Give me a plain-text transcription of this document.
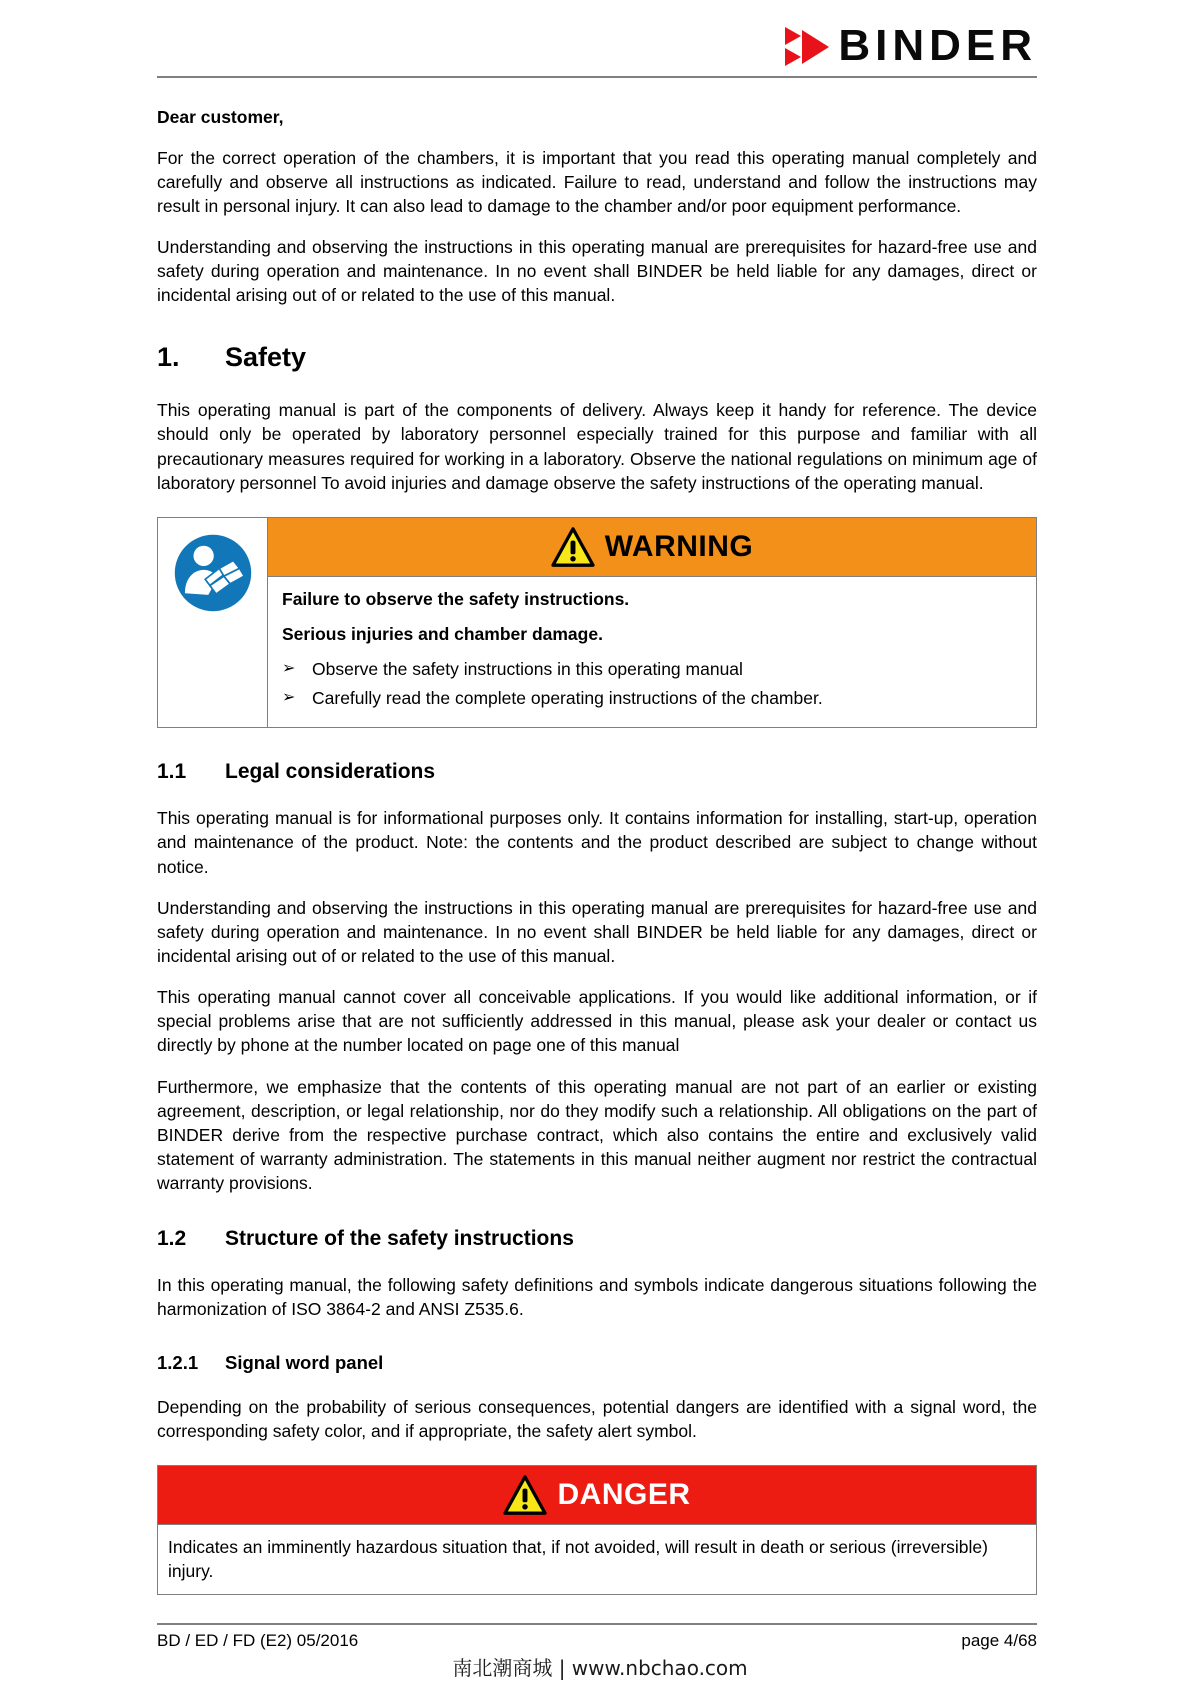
BINDER
Dear customer,

For the correct operation of the chambers, it is important that you read this operating manual completely and carefully and observe all instructions as indicated. Failure to read, understand and follow the instructions may result in personal injury. It can also lead to damage to the chamber and/or poor equipment performance.

Understanding and observing the instructions in this operating manual are prerequisites for hazard-free use and safety during operation and maintenance. In no event shall BINDER be held liable for any damages, direct or incidental arising out of or related to the use of this manual.

1.	Safety

This operating manual is part of the components of delivery. Always keep it handy for reference. The device should only be operated by laboratory personnel especially trained for this purpose and familiar with all precautionary measures required for working in a laboratory. Observe the national regulations on minimum age of laboratory personnel To avoid injuries and damage observe the safety instructions of the operating manual.

WARNING

Failure to observe the safety instructions.

Serious injuries and chamber damage.

➢ Observe the safety instructions in this operating manual
➢ Carefully read the complete operating instructions of the chamber.
1.1	Legal considerations

This operating manual is for informational purposes only. It contains information for installing, start-up, operation and maintenance of the product. Note: the contents and the product described are subject to change without notice.

Understanding and observing the instructions in this operating manual are prerequisites for hazard-free use and safety during operation and maintenance. In no event shall BINDER be held liable for any damages, direct or incidental arising out of or related to the use of this manual.

This operating manual cannot cover all conceivable applications. If you would like additional information, or if special problems arise that are not sufficiently addressed in this manual, please ask your dealer or contact us directly by phone at the number located on page one of this manual

Furthermore, we emphasize that the contents of this operating manual are not part of an earlier or existing agreement, description, or legal relationship, nor do they modify such a relationship. All obligations on the part of BINDER derive from the respective purchase contract, which also contains the entire and exclusively valid statement of warranty administration. The statements in this manual neither augment nor restrict the contractual warranty provisions.

1.2	Structure of the safety instructions

In this operating manual, the following safety definitions and symbols indicate dangerous situations following the harmonization of ISO 3864-2 and ANSI Z535.6.

1.2.1	Signal word panel

Depending on the probability of serious consequences, potential dangers are identified with a signal word, the corresponding safety color, and if appropriate, the safety alert symbol.

DANGER

Indicates an imminently hazardous situation that, if not avoided, will result in death or serious (irreversible) injury.

BD / ED / FD (E2) 05/2016	page 4/68
南北潮商城 | www.nbchao.com
